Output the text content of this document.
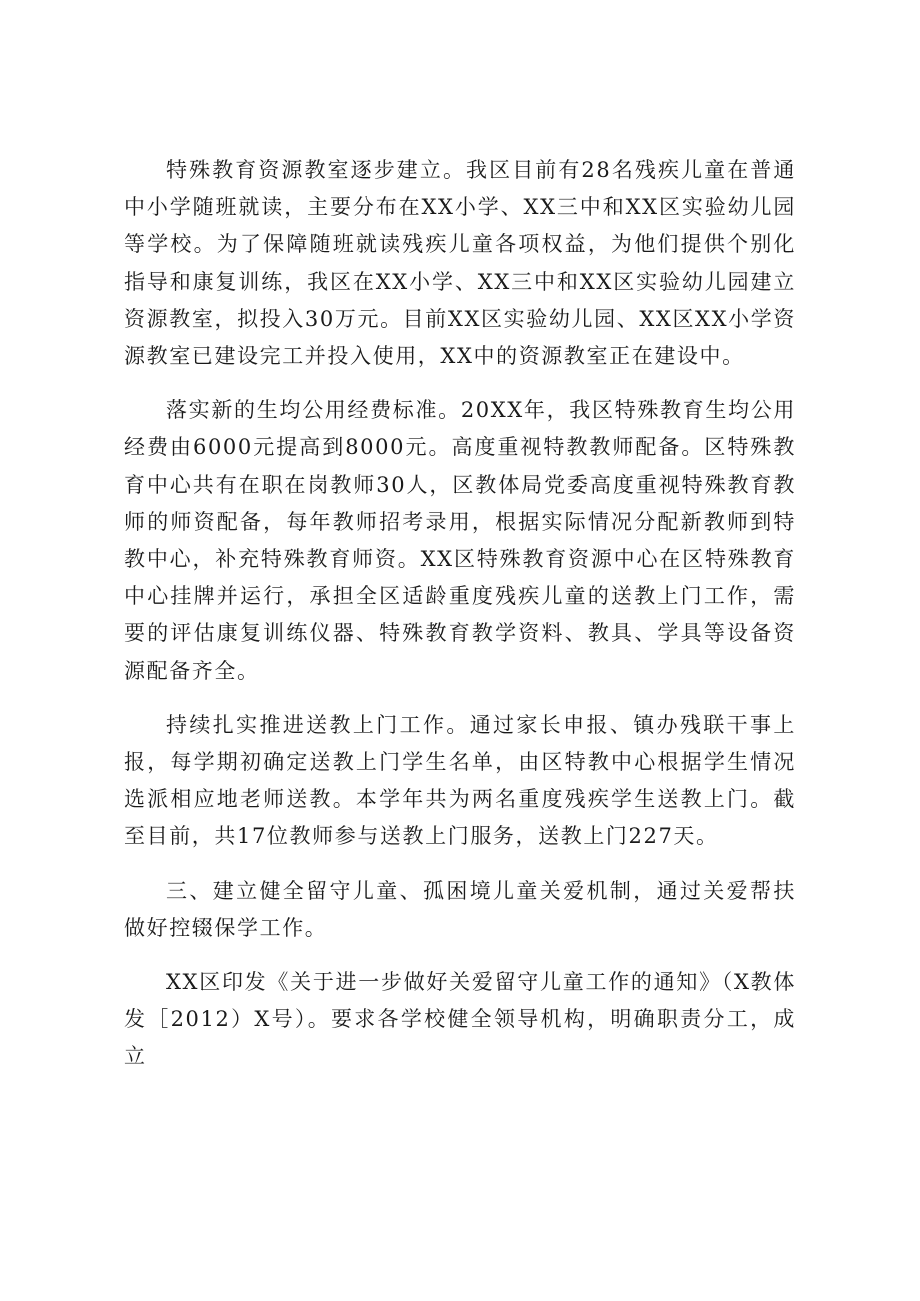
特殊教育资源教室逐步建立。我区目前有28名残疾儿童在普通中小学随班就读，主要分布在XX小学、XX三中和XX区实验幼儿园等学校。为了保障随班就读残疾儿童各项权益，为他们提供个别化指导和康复训练，我区在XX小学、XX三中和XX区实验幼儿园建立资源教室，拟投入30万元。目前XX区实验幼儿园、XX区XX小学资源教室已建设完工并投入使用，XX中的资源教室正在建设中。

落实新的生均公用经费标准。20XX年，我区特殊教育生均公用经费由6000元提高到8000元。高度重视特教教师配备。区特殊教育中心共有在职在岗教师30人，区教体局党委高度重视特殊教育教师的师资配备，每年教师招考录用，根据实际情况分配新教师到特教中心，补充特殊教育师资。XX区特殊教育资源中心在区特殊教育中心挂牌并运行，承担全区适龄重度残疾儿童的送教上门工作，需要的评估康复训练仪器、特殊教育教学资料、教具、学具等设备资源配备齐全。

持续扎实推进送教上门工作。通过家长申报、镇办残联干事上报，每学期初确定送教上门学生名单，由区特教中心根据学生情况选派相应地老师送教。本学年共为两名重度残疾学生送教上门。截至目前，共17位教师参与送教上门服务，送教上门227天。

三、建立健全留守儿童、孤困境儿童关爱机制，通过关爱帮扶做好控辍保学工作。

XX区印发《关于进一步做好关爱留守儿童工作的通知》（X教体发［2012）X号）。要求各学校健全领导机构，明确职责分工，成立
